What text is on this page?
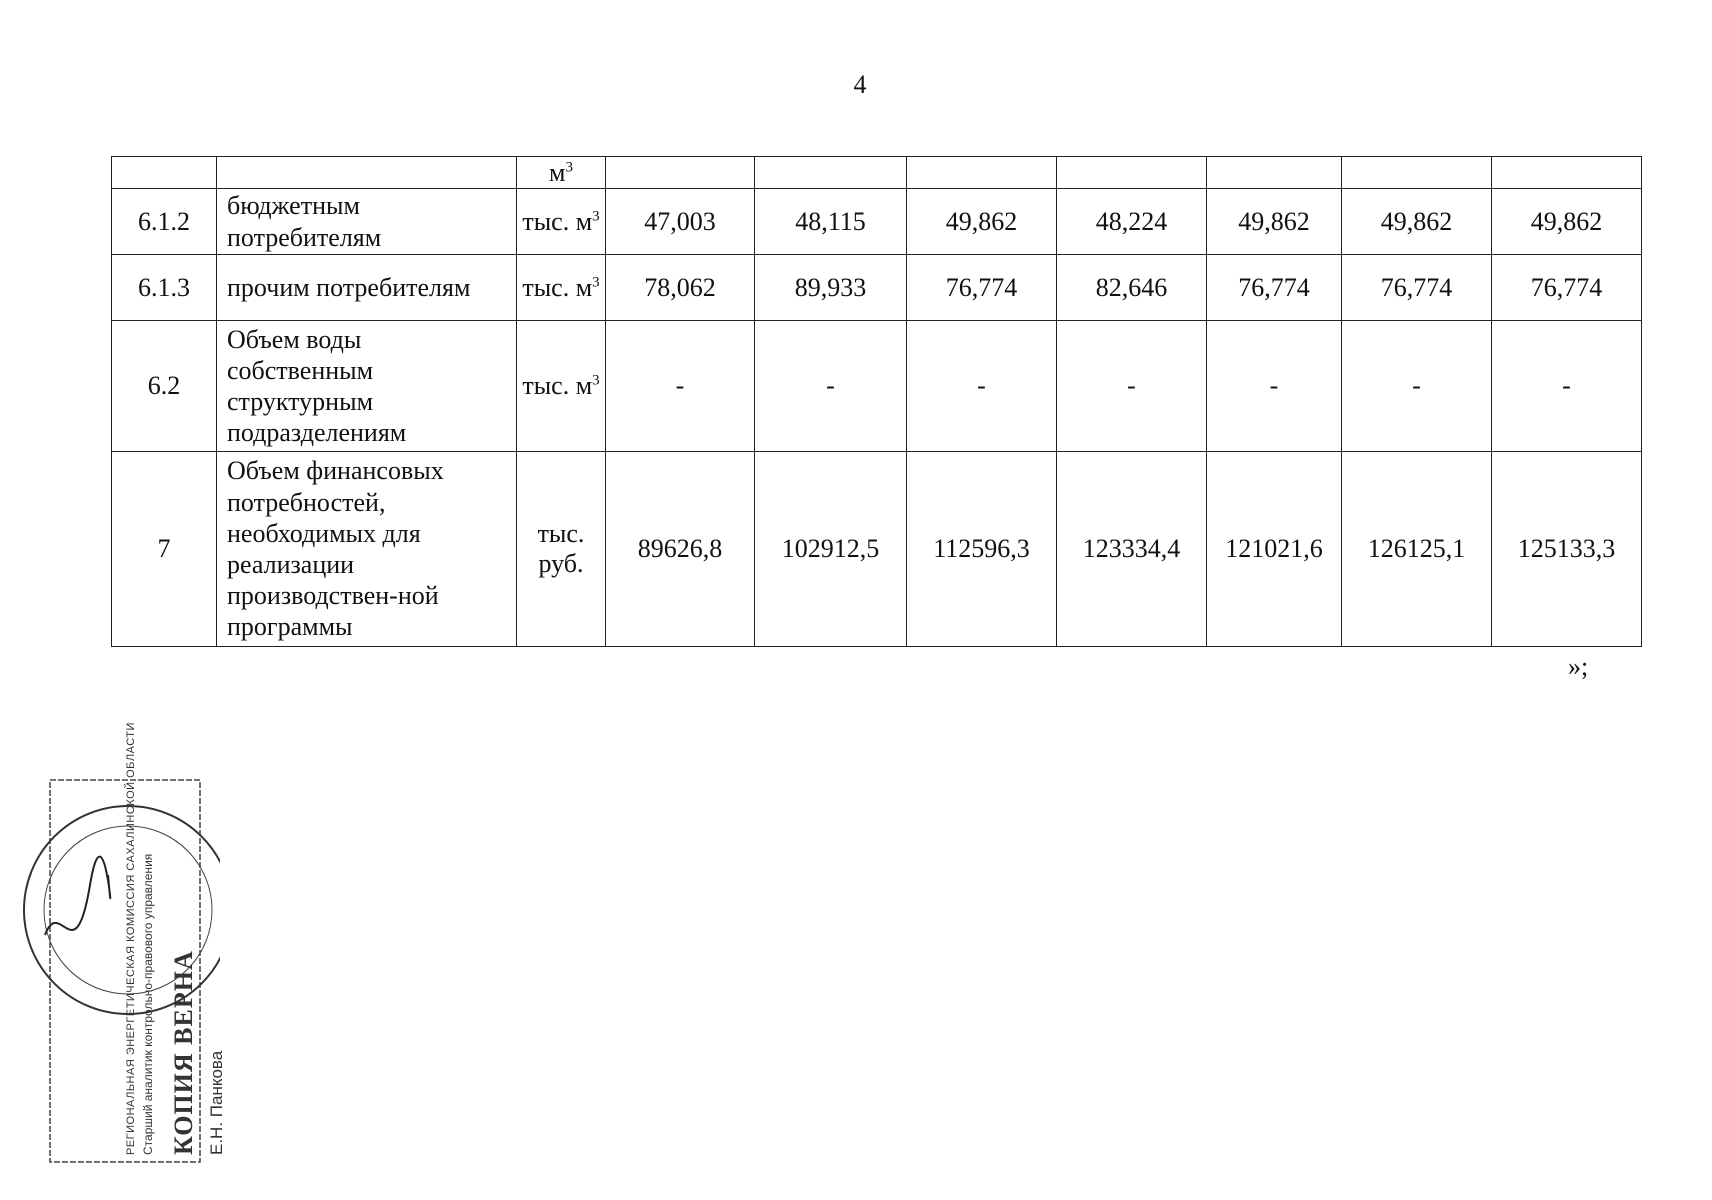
4
		$м^3$							
6.1.2	бюджетным потребителям	тыс. $м^3$	47,003	48,115	49,862	48,224	49,862	49,862	49,862
6.1.3	прочим потребителям	тыс. $м^3$	78,062	89,933	76,774	82,646	76,774	76,774	76,774
6.2	Объем воды собственным структурным подразделениям	тыс. $м^3$	-	-	-	-	-	-	-
7	Объем финансовых потребностей, необходимых для реализации производствен-ной программы	тыс. руб.	89626,8	102912,5	112596,3	123334,4	121021,6	126125,1	125133,3
»;
РЕГИОНАЛЬНАЯ ЭНЕРГЕТИЧЕСКАЯ КОМИССИЯ САХАЛИНСКОЙ ОБЛАСТИ Старший аналитик контрольно-правового управления КОПИЯ ВЕРНА Е.Н. Панкова
